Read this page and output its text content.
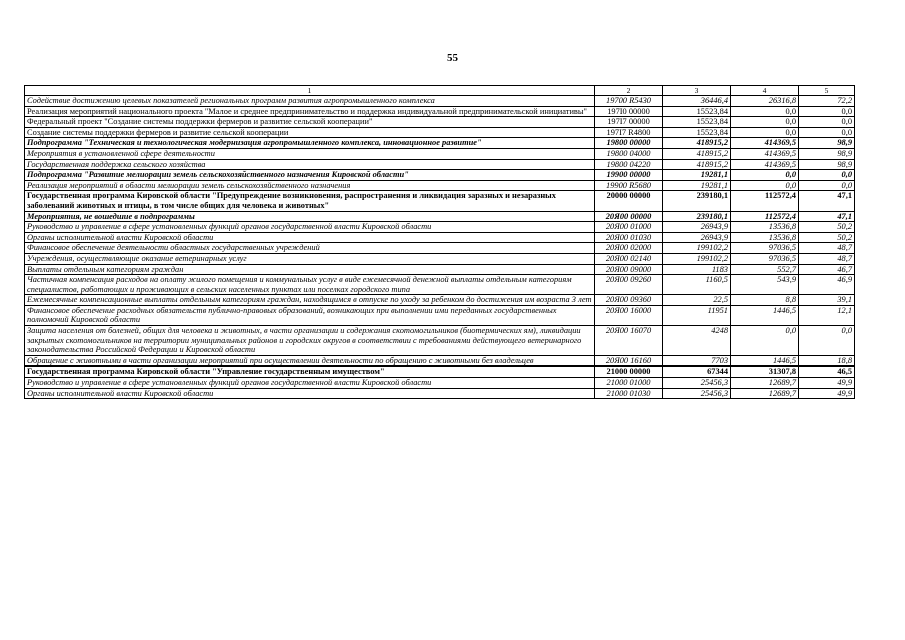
55
1	2	3	4	5
Содействие достижению целевых показателей региональных программ развития агропромышленного комплекса	19700 R5430	36446,4	26316,8	72,2
Реализация мероприятий национального проекта "Малое и среднее предпринимательство и поддержка индивидуальной предпринимательской инициативы"	197I0 00000	15523,84	0,0	0,0
Федеральный проект "Создание системы поддержки фермеров и развитие сельской кооперации"	197I7 00000	15523,84	0,0	0,0
Создание системы поддержки фермеров и развитие сельской кооперации	197I7 R4800	15523,84	0,0	0,0
Подпрограмма "Техническая и технологическая модернизация агропромышленного комплекса, инновационное развитие"	19800 00000	418915,2	414369,5	98,9
Мероприятия в установленной сфере деятельности	19800 04000	418915,2	414369,5	98,9
Государственная поддержка сельского хозяйства	19800 04220	418915,2	414369,5	98,9
Подпрограмма "Развитие мелиорации земель сельскохозяйственного назначения Кировской области"	19900 00000	19281,1	0,0	0,0
Реализация мероприятий в области мелиорации земель сельскохозяйственного назначения	19900 R5680	19281,1	0,0	0,0
Государственная программа Кировской области "Предупреждение возникновения, распространения и ликвидация заразных и незаразных заболеваний животных и птицы, в том числе общих для человека и животных"	20000 00000	239180,1	112572,4	47,1
Мероприятия, не вошедшие в подпрограммы	20Я00 00000	239180,1	112572,4	47,1
Руководство и управление в сфере установленных функций органов государственной власти Кировской области	20Я00 01000	26943,9	13536,8	50,2
Органы исполнительной власти Кировской области	20Я00 01030	26943,9	13536,8	50,2
Финансовое обеспечение деятельности областных государственных учреждений	20Я00 02000	199102,2	97036,5	48,7
Учреждения, осуществляющие оказание ветеринарных услуг	20Я00 02140	199102,2	97036,5	48,7
Выплаты отдельным категориям граждан	20Я00 09000	1183	552,7	46,7
Частичная компенсация расходов на оплату жилого помещения и коммунальных услуг в виде ежемесячной денежной выплаты отдельным категориям специалистов, работающих и проживающих в сельских населенных пунктах или поселках городского типа	20Я00 09260	1160,5	543,9	46,9
Ежемесячные компенсационные выплаты отдельным категориям граждан, находящимся в отпуске по уходу за ребенком до достижения им возраста 3 лет	20Я00 09360	22,5	8,8	39,1
Финансовое обеспечение расходных обязательств публично-правовых образований, возникающих при выполнении ими переданных государственных полномочий Кировской области	20Я00 16000	11951	1446,5	12,1
Защита населения от болезней, общих для человека и животных, в части организации и содержания скотомогильников (биотермических ям), ликвидации закрытых скотомогильников на территории муниципальных районов и городских округов в соответствии с требованиями действующего ветеринарного законодательства Российской Федерации и Кировской области	20Я00 16070	4248	0,0	0,0
Обращение с животными в части организации мероприятий при осуществлении деятельности по обращению с животными без владельцев	20Я00 16160	7703	1446,5	18,8
Государственная программа Кировской области "Управление государственным имуществом"	21000 00000	67344	31307,8	46,5
Руководство и управление в сфере установленных функций органов государственной власти Кировской области	21000 01000	25456,3	12689,7	49,9
Органы исполнительной власти Кировской области	21000 01030	25456,3	12689,7	49,9
